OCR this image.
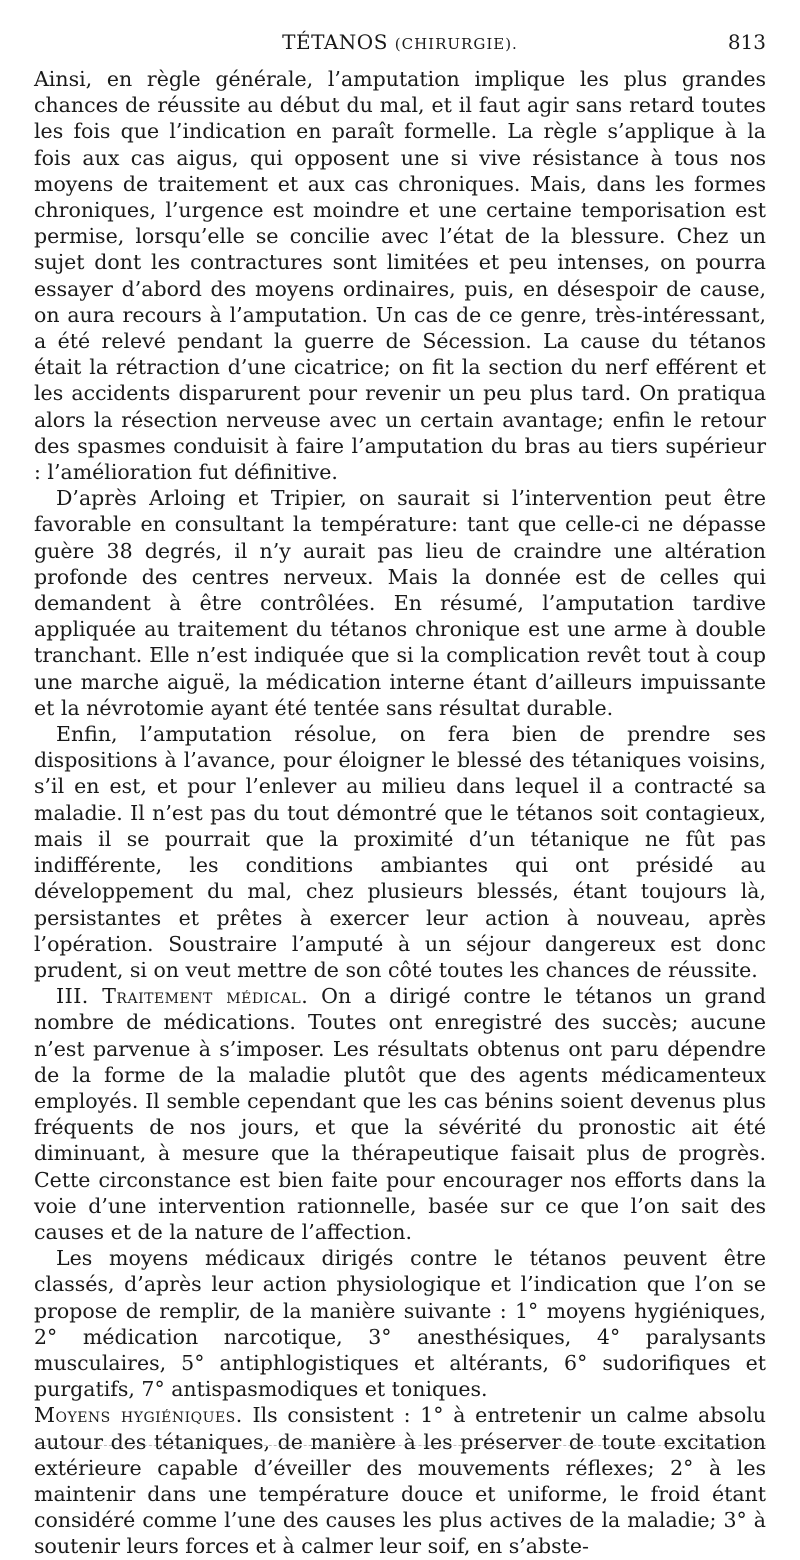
TÉTANOS (CHIRURGIE).	813

Ainsi, en règle générale, l’amputation implique les plus grandes chances de réussite au début du mal, et il faut agir sans retard toutes les fois que l’indication en paraît formelle. La règle s’applique à la fois aux cas aigus, qui opposent une si vive résistance à tous nos moyens de traitement et aux cas chroniques. Mais, dans les formes chroniques, l’urgence est moindre et une certaine temporisation est permise, lorsqu’elle se concilie avec l’état de la blessure. Chez un sujet dont les contractures sont limitées et peu intenses, on pourra essayer d’abord des moyens ordinaires, puis, en désespoir de cause, on aura recours à l’amputation. Un cas de ce genre, très-intéressant, a été relevé pendant la guerre de Sécession. La cause du tétanos était la rétraction d’une cicatrice; on fit la section du nerf efférent et les accidents disparurent pour revenir un peu plus tard. On pratiqua alors la résection nerveuse avec un certain avantage; enfin le retour des spasmes conduisit à faire l’amputation du bras au tiers supérieur : l’amélioration fut définitive.

D’après Arloing et Tripier, on saurait si l’intervention peut être favorable en consultant la température: tant que celle-ci ne dépasse guère 38 degrés, il n’y aurait pas lieu de craindre une altération profonde des centres nerveux. Mais la donnée est de celles qui demandent à être contrôlées. En résumé, l’amputation tardive appliquée au traitement du tétanos chronique est une arme à double tranchant. Elle n’est indiquée que si la complication revêt tout à coup une marche aiguë, la médication interne étant d’ailleurs impuissante et la névrotomie ayant été tentée sans résultat durable.

Enfin, l’amputation résolue, on fera bien de prendre ses dispositions à l’avance, pour éloigner le blessé des tétaniques voisins, s’il en est, et pour l’enlever au milieu dans lequel il a contracté sa maladie. Il n’est pas du tout démontré que le tétanos soit contagieux, mais il se pourrait que la proximité d’un tétanique ne fût pas indifférente, les conditions ambiantes qui ont présidé au développement du mal, chez plusieurs blessés, étant toujours là, persistantes et prêtes à exercer leur action à nouveau, après l’opération. Soustraire l’amputé à un séjour dangereux est donc prudent, si on veut mettre de son côté toutes les chances de réussite.

III. Traitement médical. On a dirigé contre le tétanos un grand nombre de médications. Toutes ont enregistré des succès; aucune n’est parvenue à s’imposer. Les résultats obtenus ont paru dépendre de la forme de la maladie plutôt que des agents médicamenteux employés. Il semble cependant que les cas bénins soient devenus plus fréquents de nos jours, et que la sévérité du pronostic ait été diminuant, à mesure que la thérapeutique faisait plus de progrès. Cette circonstance est bien faite pour encourager nos efforts dans la voie d’une intervention rationnelle, basée sur ce que l’on sait des causes et de la nature de l’affection.

Les moyens médicaux dirigés contre le tétanos peuvent être classés, d’après leur action physiologique et l’indication que l’on se propose de remplir, de la manière suivante : 1° moyens hygiéniques, 2° médication narcotique, 3° anesthésiques, 4° paralysants musculaires, 5° antiphlogistiques et altérants, 6° sudorifiques et purgatifs, 7° antispasmodiques et toniques.

Moyens hygiéniques. Ils consistent : 1° à entretenir un calme absolu autour des tétaniques, de manière à les préserver de toute excitation extérieure capable d’éveiller des mouvements réflexes; 2° à les maintenir dans une température douce et uniforme, le froid étant considéré comme l’une des causes les plus actives de la maladie; 3° à soutenir leurs forces et à calmer leur soif, en s’abste-
